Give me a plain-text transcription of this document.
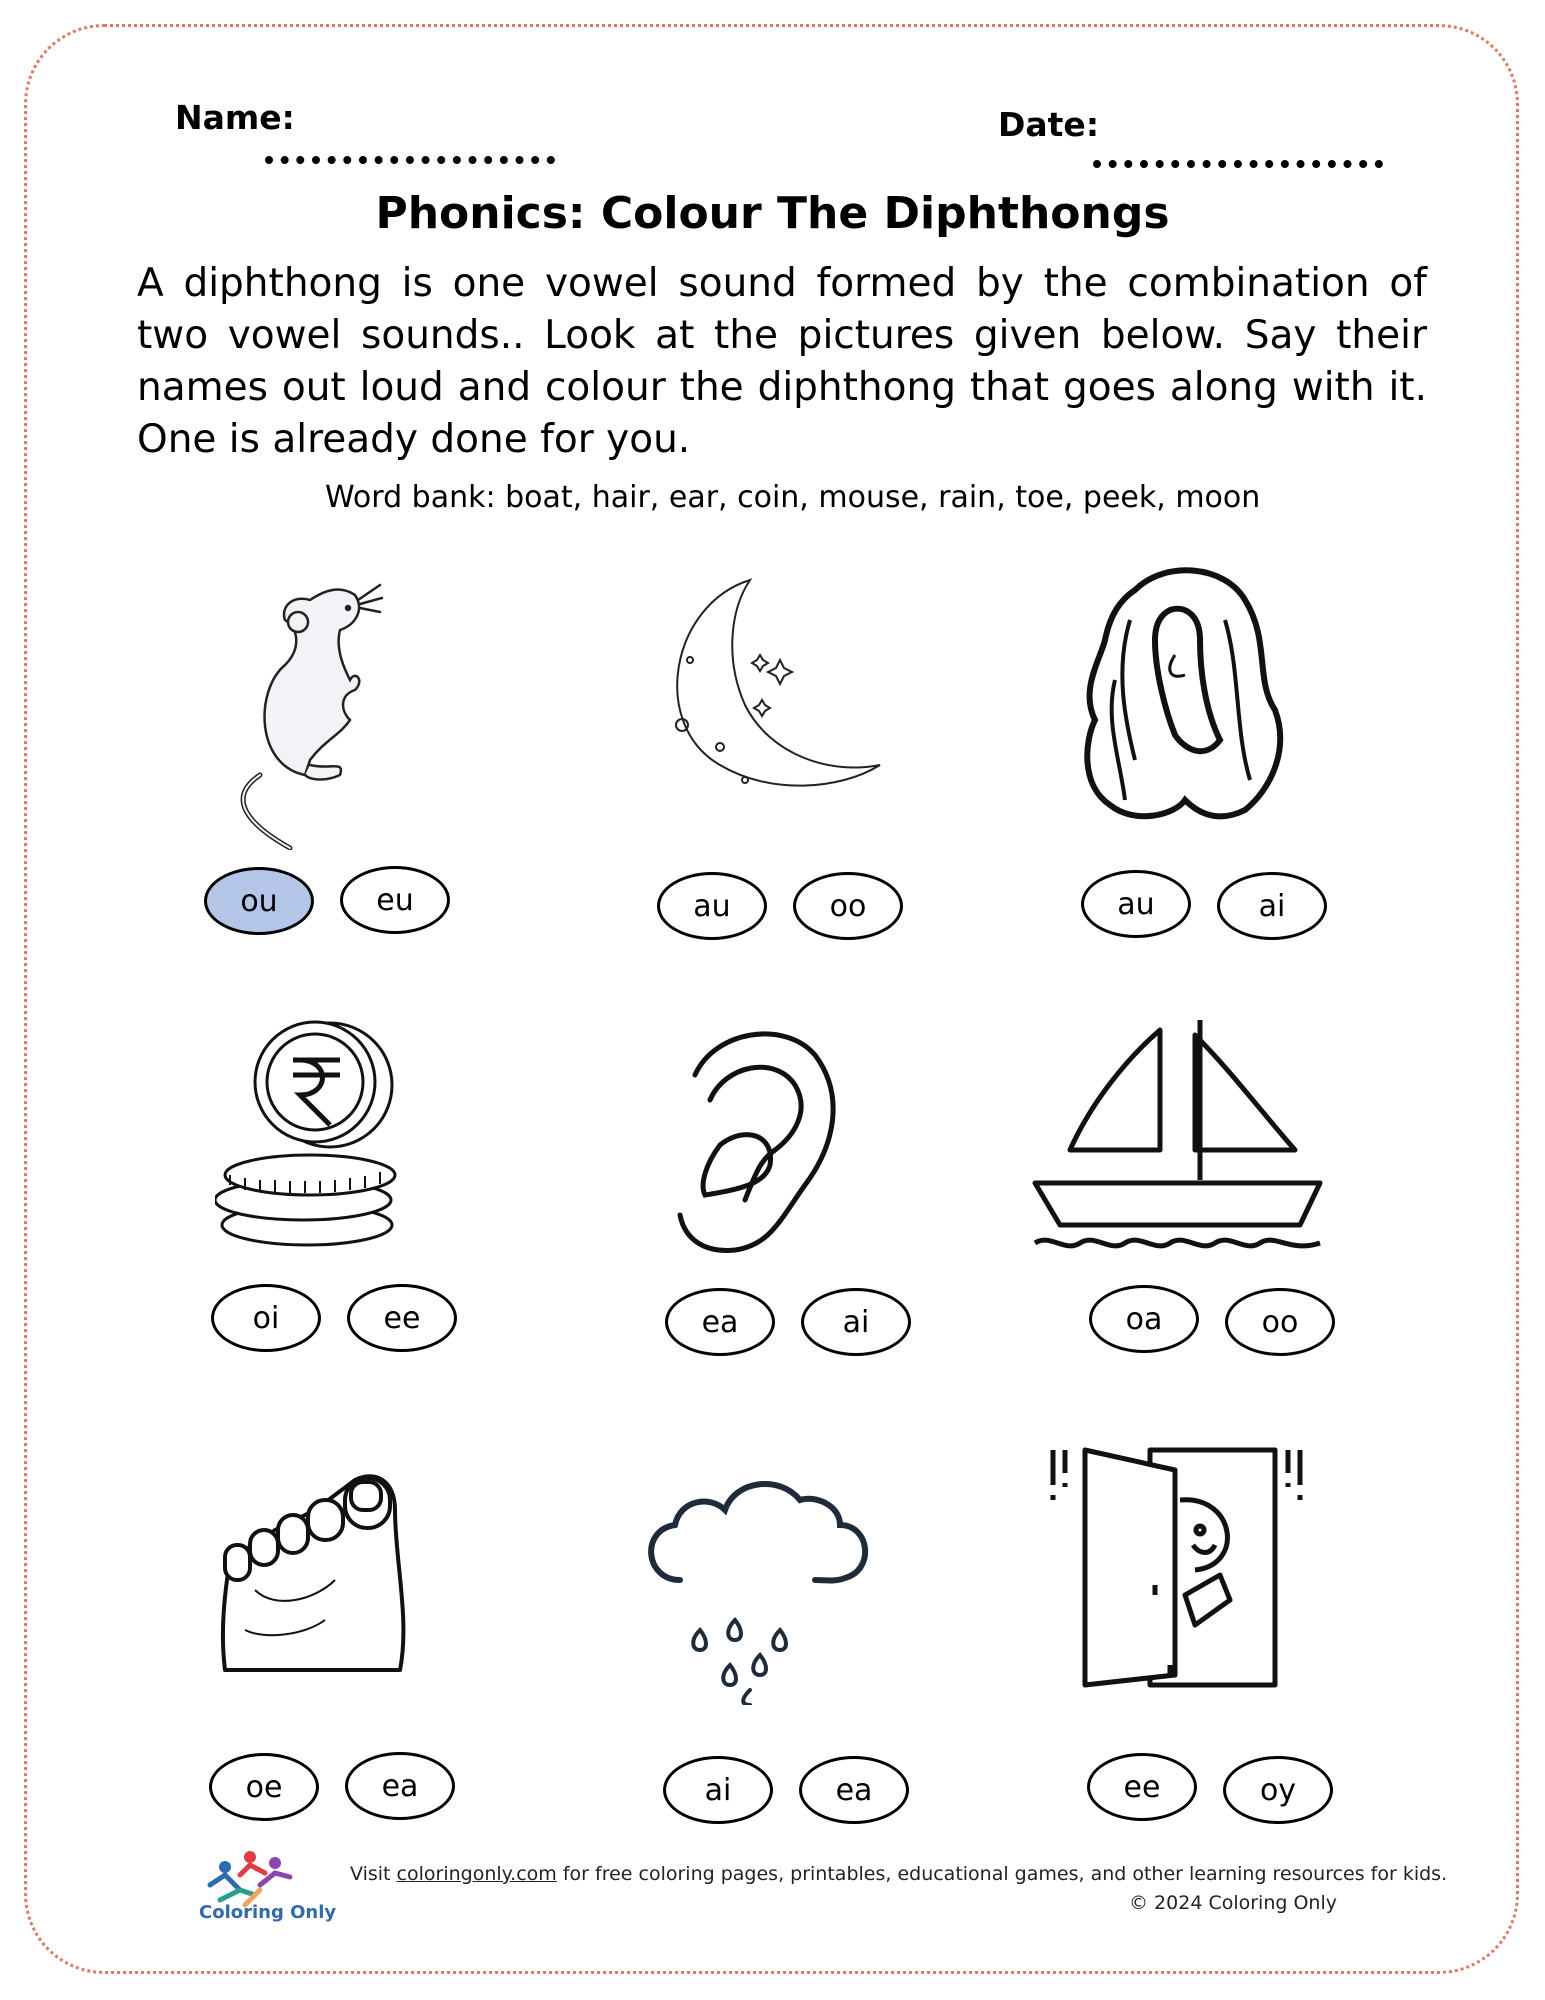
Name:	Date:
Phonics: Colour The Diphthongs
A diphthong is one vowel sound formed by the combination of two vowel sounds.. Look at the pictures given below. Say their names out loud and colour the diphthong that goes along with it. One is already done for you.
Word bank: boat, hair, ear, coin, mouse, rain, toe, peek, moon
ou	eu	au	oo	au	ai
oi	ee	ea	ai	oa	oo
oe	ea	ai	ea	ee	oy
Coloring Only
Visit coloringonly.com for free coloring pages, printables, educational games, and other learning resources for kids.
© 2024 Coloring Only
